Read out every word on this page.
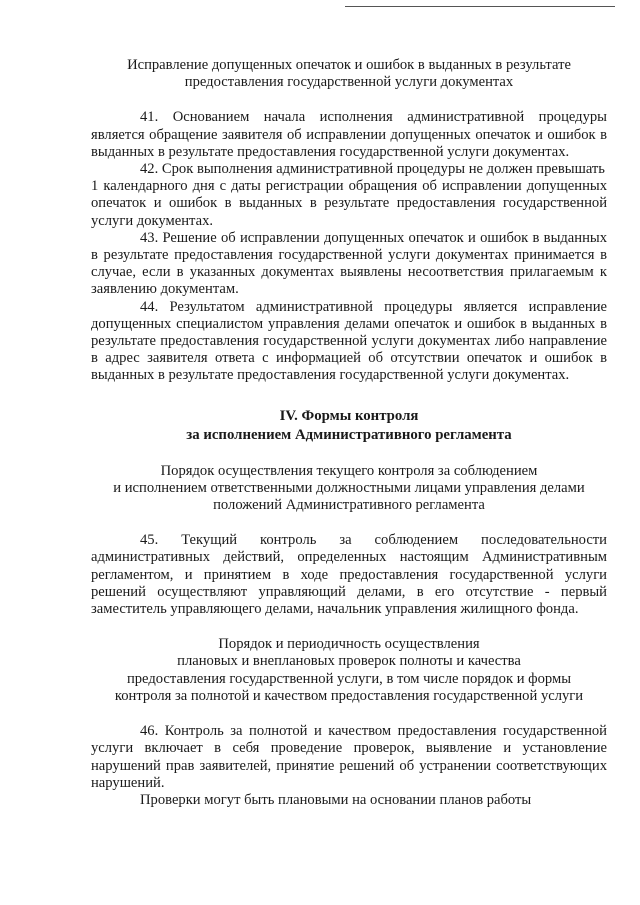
Исправление допущенных опечаток и ошибок в выданных в результате
предоставления государственной услуги документах

41. Основанием начала исполнения административной процедуры является обращение заявителя об исправлении допущенных опечаток и ошибок в выданных в результате предоставления государственной услуги документах.

42. Срок выполнения административной процедуры не должен превышать

1 календарного дня с даты регистрации обращения об исправлении допущенных опечаток и ошибок в выданных в результате предоставления государственной услуги документах.

43. Решение об исправлении допущенных опечаток и ошибок в выданных в результате предоставления государственной услуги документах принимается в случае, если в указанных документах выявлены несоответствия прилагаемым к заявлению документам.

44. Результатом административной процедуры является исправление допущенных специалистом управления делами опечаток и ошибок в выданных в результате предоставления государственной услуги документах либо направление в адрес заявителя ответа с информацией об отсутствии опечаток и ошибок в выданных в результате предоставления государственной услуги документах.

IV. Формы контроля
за исполнением Административного регламента
Порядок осуществления текущего контроля за соблюдением
и исполнением ответственными должностными лицами управления делами
положений Административного регламента

45. Текущий контроль за соблюдением последовательности административных действий, определенных настоящим Административным регламентом, и принятием в ходе предоставления государственной услуги решений осуществляют управляющий делами, в его отсутствие - первый заместитель управляющего делами, начальник управления жилищного фонда.

Порядок и периодичность осуществления
плановых и внеплановых проверок полноты и качества
предоставления государственной услуги, в том числе порядок и формы
контроля за полнотой и качеством предоставления государственной услуги

46. Контроль за полнотой и качеством предоставления государственной услуги включает в себя проведение проверок, выявление и установление нарушений прав заявителей, принятие решений об устранении соответствующих нарушений.

Проверки могут быть плановыми на основании планов работы
